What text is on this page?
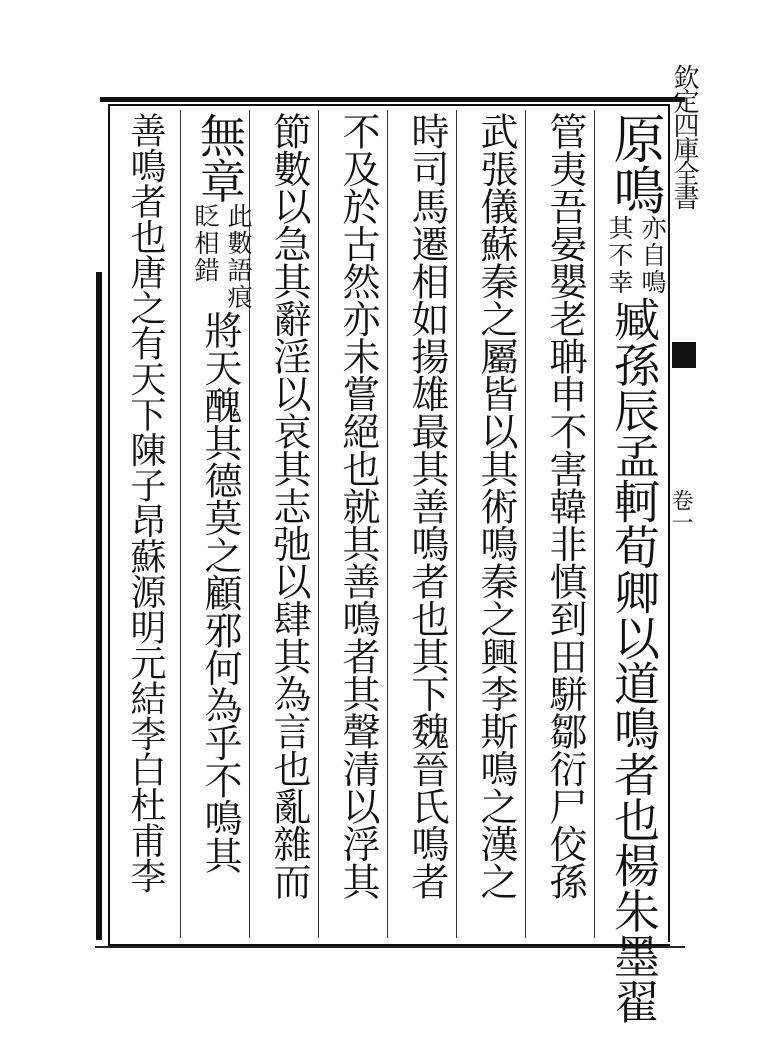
欽定四庫全書
卷一
原鳴
亦自鳴
其不幸
臧孫辰孟軻荀卿以道鳴者也楊朱墨翟
管夷吾晏嬰老聃申不害韓非慎到田駢鄒衍尸佼孫
武張儀蘇秦之屬皆以其術鳴秦之興李斯鳴之漢之
時司馬遷相如揚雄最其善鳴者也其下魏晉氏鳴者
不及於古然亦未嘗絕也就其善鳴者其聲清以浮其
節數以急其辭淫以哀其志弛以肆其為言也亂雜而
無章
此數語痕
眨相錯
將天醜其德莫之顧邪何為乎不鳴其
善鳴者也唐之有天下陳子昂蘇源明元結李白杜甫李
